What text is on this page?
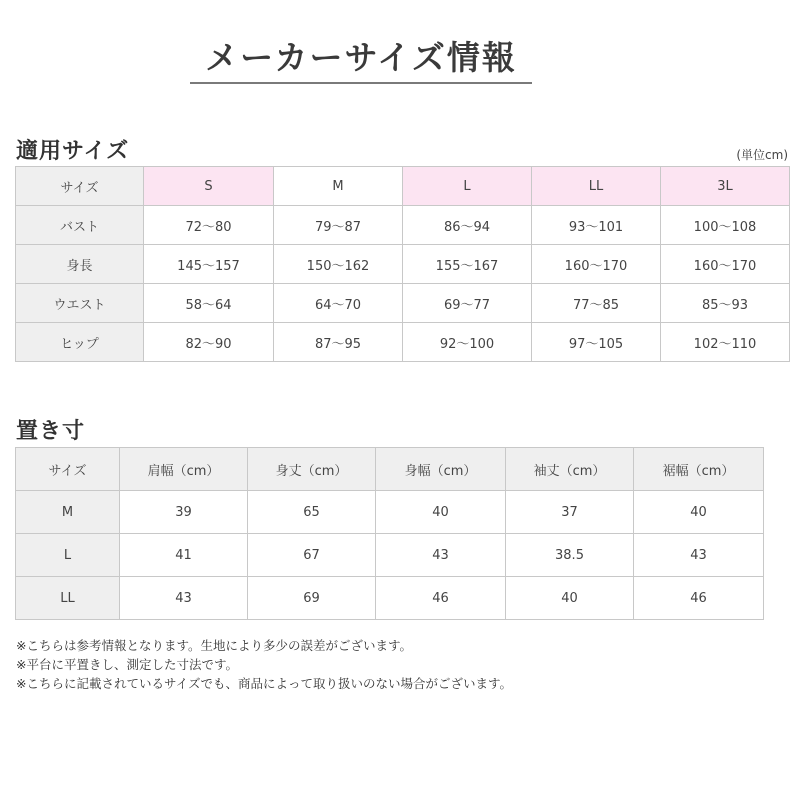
メーカーサイズ情報
適用サイズ	(単位cm)
サイズ	S	M	L	LL	3L
バスト	72〜80	79〜87	86〜94	93〜101	100〜108
身長	145〜157	150〜162	155〜167	160〜170	160〜170
ウエスト	58〜64	64〜70	69〜77	77〜85	85〜93
ヒップ	82〜90	87〜95	92〜100	97〜105	102〜110
置き寸
サイズ	肩幅（cm）	身丈（cm）	身幅（cm）	袖丈（cm）	裾幅（cm）
M	39	65	40	37	40
L	41	67	43	38.5	43
LL	43	69	46	40	46
※こちらは参考情報となります。生地により多少の誤差がございます。
※平台に平置きし、測定した寸法です。
※こちらに記載されているサイズでも、商品によって取り扱いのない場合がございます。
